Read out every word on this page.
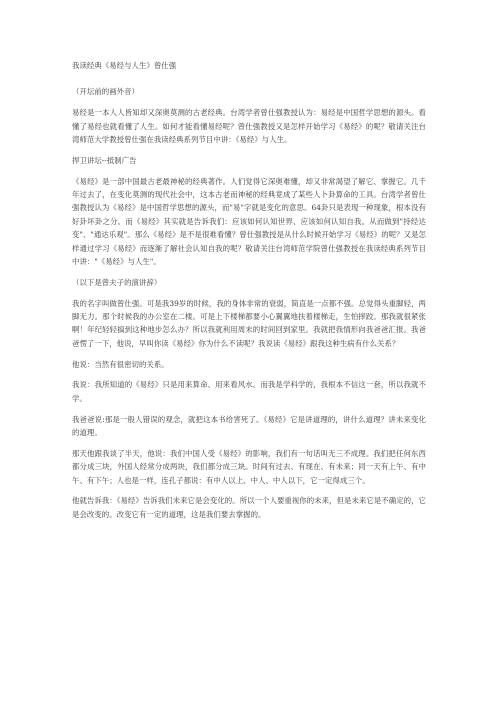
我读经典《易经与人生》曾仕强
（开坛前的画外音）
易经是一本人人皆知却又深奥莫测的古老经典。台湾学者曾仕强教授认为：易经是中国哲学思想的源头。看懂了易经也就看懂了人生。如何才能看懂易经呢？曾仕强教授又是怎样开始学习《易经》的呢？敬请关注台湾师范大学教授曾仕强在我读经典系列节目中讲：《易经》与人生。
捍卫讲坛--抵制广告
《易经》是一部中国最古老最神秘的经典著作。人们觉得它深奥难懂，却又非常渴望了解它、掌握它。几千年过去了，在变化莫测的现代社会中，这本古老而神秘的经典竟成了某些人卜卦算命的工具。台湾学者曾仕强教授认为《易经》是中国哲学思想的源头，而"易"字就是变化的意思。64卦只是表现一种现象，根本没有好卦坏卦之分。而《易经》其实就是告诉我们：应该如何认知世界、应该如何认知自我。从而做到"持经达变"、"通达乐观"。那么《易经》是不是很难看懂？曾仕强教授是从什么时候开始学习《易经》的呢？又是怎样通过学习《易经》而逐渐了解社会认知自我的呢？敬请关注台湾师范学院曾仕强教授在我读经典系列节目中讲："《易经》与人生"。
（以下是曾夫子的演讲辞）
我的名字叫做曾仕强。可是我39岁的时候，我的身体非常的衰弱，简直是一点都不强。总觉得头重脚轻，两脚无力。那个时候我的办公室在二楼。可是上下楼梯都要小心翼翼地扶着楼梯走，生怕摔跤。那我就很紧张啊！年纪轻轻搞到这种地步怎么办？所以我就利用周末的时间回到家里。我就把我情形向我爸爸汇报。我爸爸愣了一下，他说，早叫你读《易经》你为什么不读呢？我说读《易经》跟我这种生病有什么关系？
他说：当然有很密切的关系。
我说：我所知道的《易经》只是用来算命、用来看风水。而我是学科学的，我根本不信这一套，所以我就不学。
我爸爸说:那是一般人错误的观念，就把这本书给害死了。《易经》它是讲道理的，讲什么道理？讲未来变化的道理。
那天他跟我谈了半天，他说：我们中国人受《易经》的影响，我们有一句话叫无三不成理。我们把任何东西都分成三块，外国人经常分成两块，我们都分成三块。时间有过去、有现在、有未来；同一天有上午、有中午、有下午；人也是一样，连孔子都说：有中人以上、中人、中人以下，它一定得成三个。
他就告诉我：《易经》告诉我们未来它是会变化的。所以一个人要重视你的未来，但是未来它是不确定的，它是会改变的。改变它有一定的道理，这是我们要去掌握的。
